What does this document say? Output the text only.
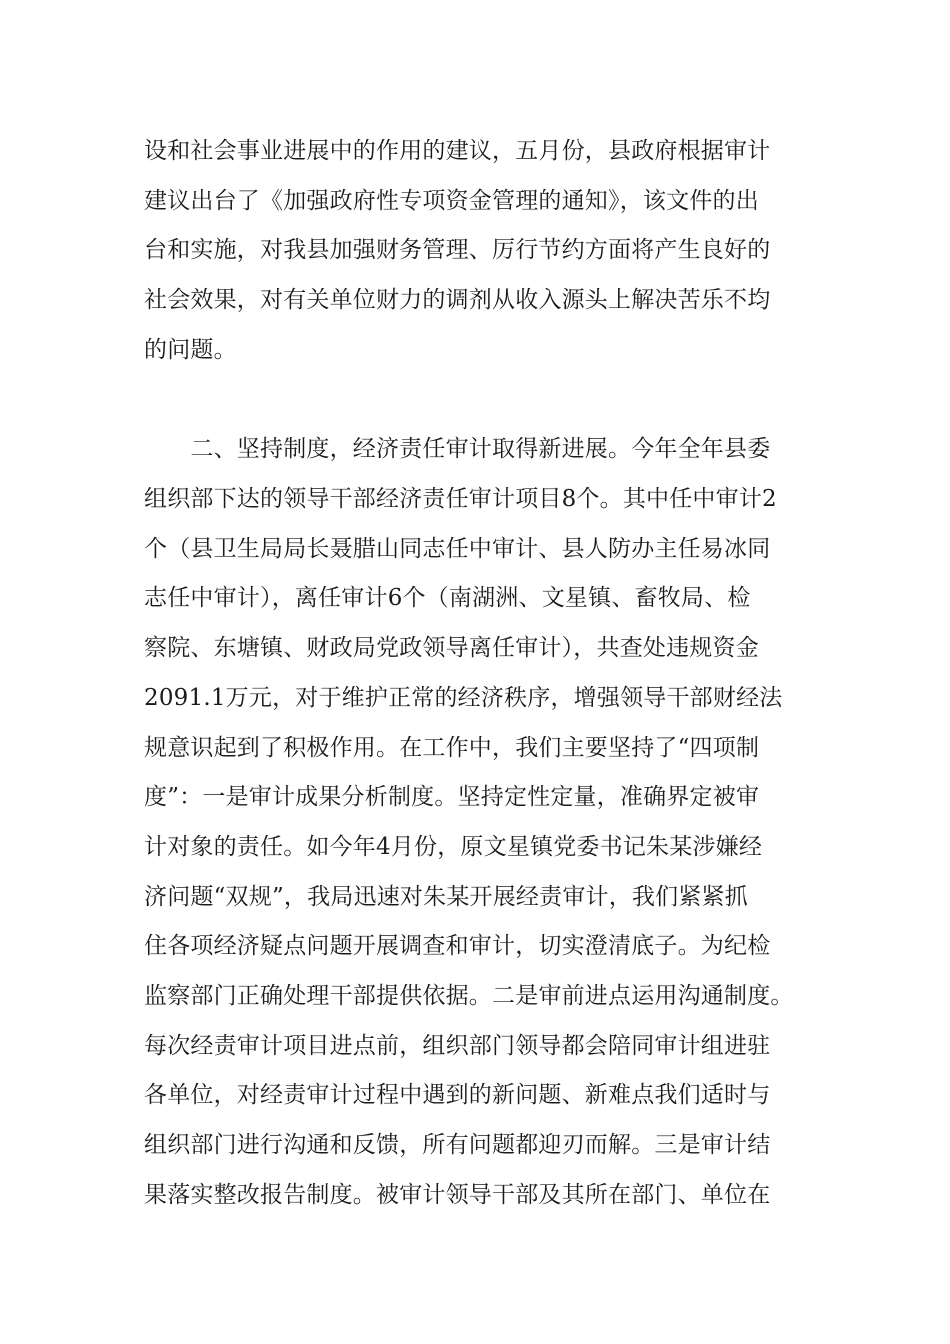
设和社会事业进展中的作用的建议，五月份，县政府根据审计
建议出台了《加强政府性专项资金管理的通知》，该文件的出
台和实施，对我县加强财务管理、厉行节约方面将产生良好的
社会效果，对有关单位财力的调剂从收入源头上解决苦乐不均
的问题。
　　二、坚持制度，经济责任审计取得新进展。今年全年县委
组织部下达的领导干部经济责任审计项目8个。其中任中审计2
个（县卫生局局长聂腊山同志任中审计、县人防办主任易冰同
志任中审计），离任审计6个（南湖洲、文星镇、畜牧局、检
察院、东塘镇、财政局党政领导离任审计），共查处违规资金
2091.1万元，对于维护正常的经济秩序，增强领导干部财经法
规意识起到了积极作用。在工作中，我们主要坚持了“四项制
度”：一是审计成果分析制度。坚持定性定量，准确界定被审
计对象的责任。如今年4月份，原文星镇党委书记朱某涉嫌经
济问题“双规”，我局迅速对朱某开展经责审计，我们紧紧抓
住各项经济疑点问题开展调查和审计，切实澄清底子。为纪检
监察部门正确处理干部提供依据。二是审前进点运用沟通制度。
每次经责审计项目进点前，组织部门领导都会陪同审计组进驻
各单位，对经责审计过程中遇到的新问题、新难点我们适时与
组织部门进行沟通和反馈，所有问题都迎刃而解。三是审计结
果落实整改报告制度。被审计领导干部及其所在部门、单位在
